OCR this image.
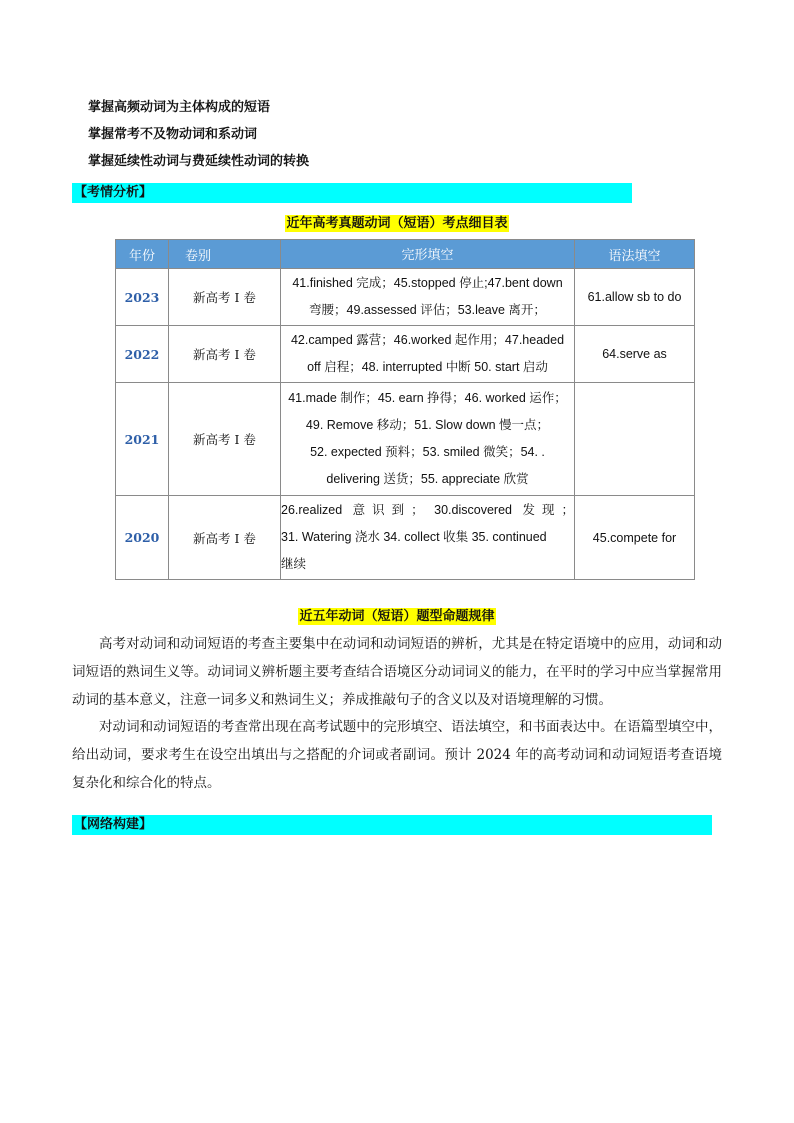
掌握高频动词为主体构成的短语
掌握常考不及物动词和系动词
掌握延续性动词与费延续性动词的转换
【考情分析】
近年高考真题动词（短语）考点细目表
年份	卷别	完形填空	语法填空
2023	新高考 I 卷	41.finished 完成；45.stopped 停止;47.bent down
弯腰；49.assessed 评估；53.leave 离开；	61.allow sb to do
2022	新高考 I 卷	42.camped 露营；46.worked 起作用；47.headed
off 启程；48. interrupted 中断 50. start 启动	64.serve as
2021	新高考 I 卷	41.made 制作；45. earn 挣得；46. worked 运作；
49. Remove 移动；51. Slow down 慢一点；
52. expected 预料；53. smiled 微笑；54. .
delivering 送货；55. appreciate 欣赏	

2020	新高考 I 卷	26.realized 意识到； 30.discovered 发现；
31. Watering 浇水 34. collect 收集 35. continued
继续	45.compete for
近五年动词（短语）题型命题规律
高考对动词和动词短语的考查主要集中在动词和动词短语的辨析，尤其是在特定语境中的应用，动词和动词短语的熟词生义等。动词词义辨析题主要考查结合语境区分动词词义的能力，在平时的学习中应当掌握常用动词的基本意义，注意一词多义和熟词生义；养成推敲句子的含义以及对语境理解的习惯。
对动词和动词短语的考查常出现在高考试题中的完形填空、语法填空，和书面表达中。在语篇型填空中，给出动词，要求考生在设空出填出与之搭配的介词或者副词。预计 2024 年的高考动词和动词短语考查语境复杂化和综合化的特点。
【网络构建】
